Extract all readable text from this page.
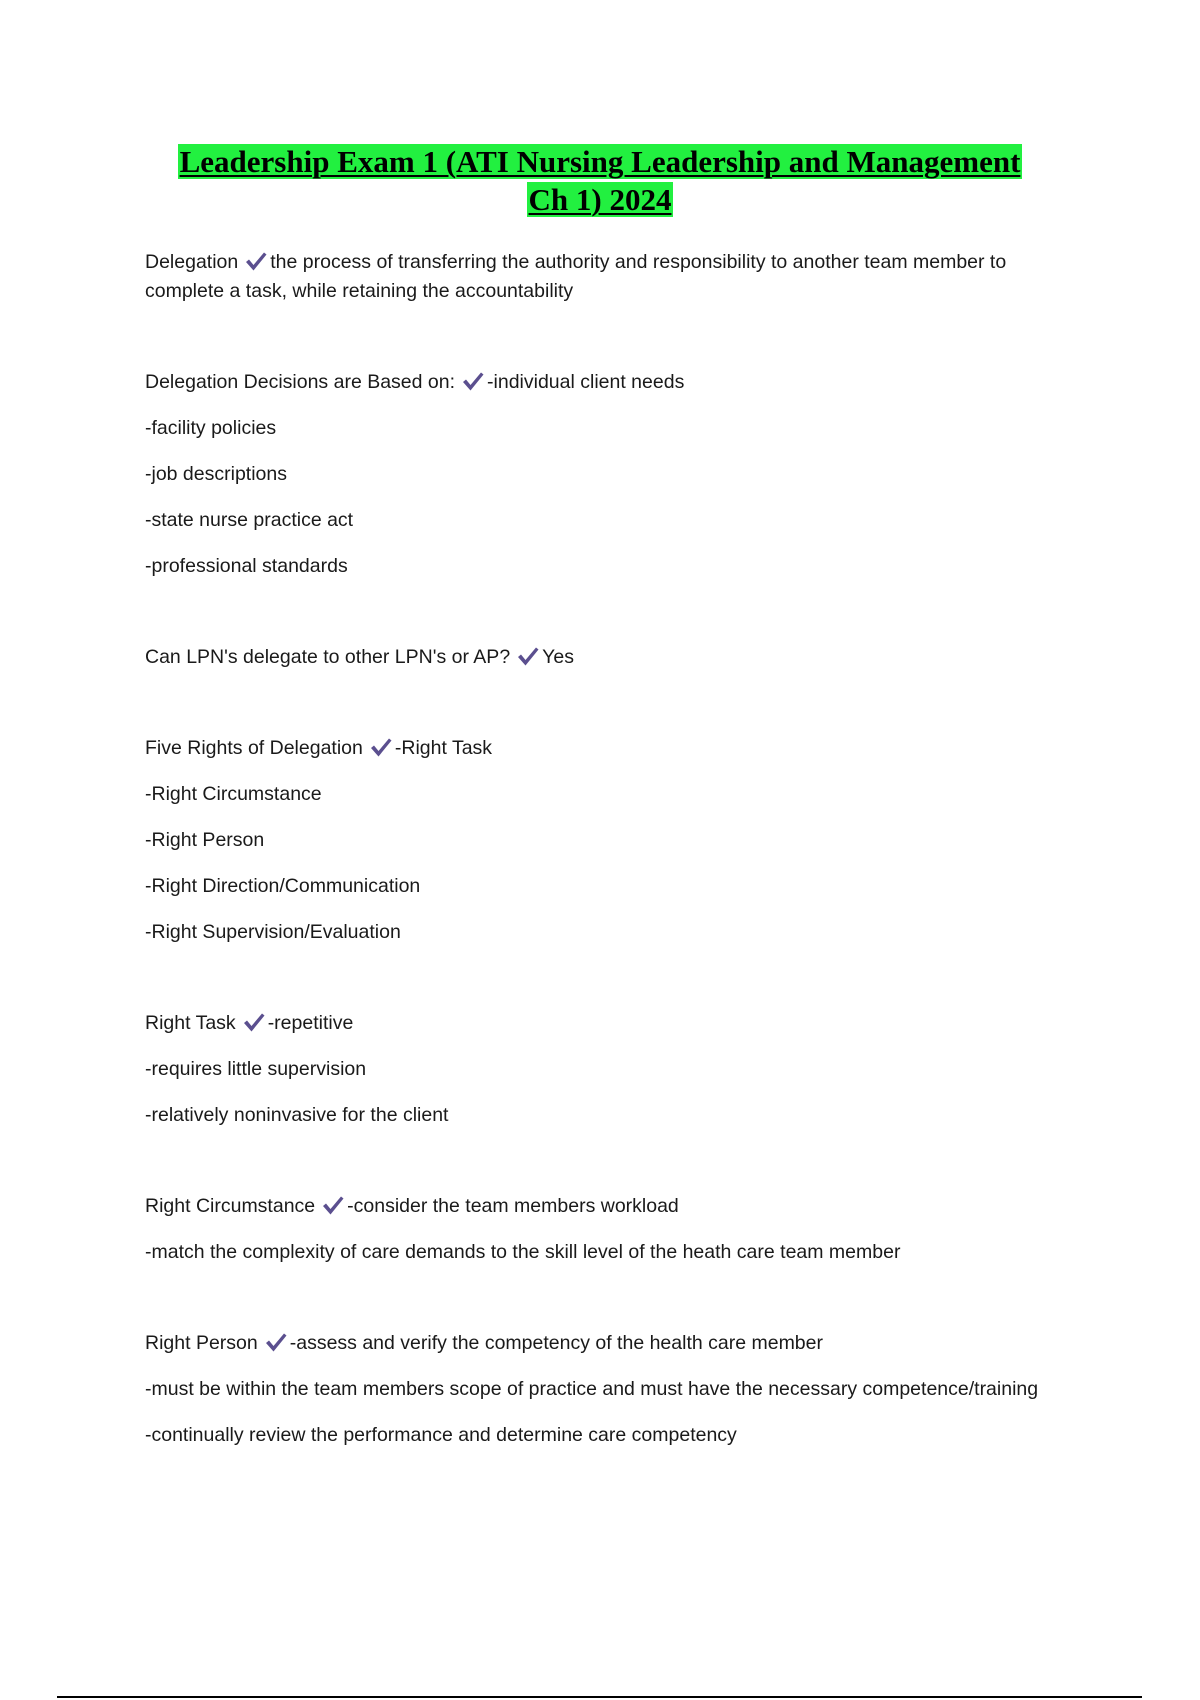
Leadership Exam 1 (ATI Nursing Leadership and Management
Ch 1) 2024

Delegation the process of transferring the authority and responsibility to another team member to complete a task, while retaining the accountability

Delegation Decisions are Based on: -individual client needs

-facility policies

-job descriptions

-state nurse practice act

-professional standards

Can LPN's delegate to other LPN's or AP? Yes

Five Rights of Delegation -Right Task

-Right Circumstance

-Right Person

-Right Direction/Communication

-Right Supervision/Evaluation

Right Task -repetitive

-requires little supervision

-relatively noninvasive for the client

Right Circumstance -consider the team members workload

-match the complexity of care demands to the skill level of the heath care team member

Right Person -assess and verify the competency of the health care member

-must be within the team members scope of practice and must have the necessary competence/training

-continually review the performance and determine care competency
